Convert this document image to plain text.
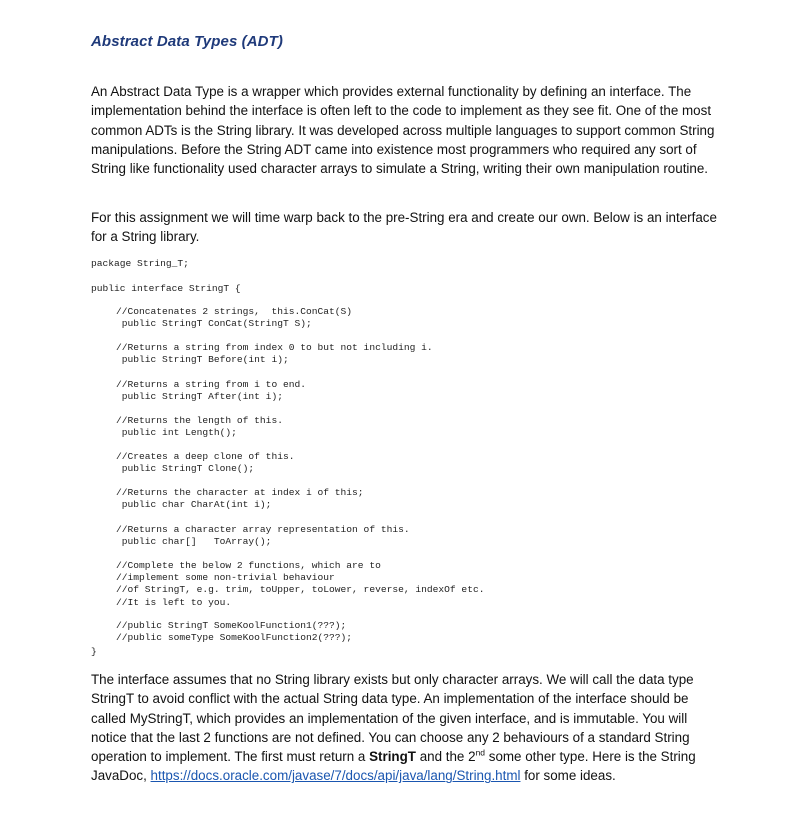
Abstract Data Types (ADT)

An Abstract Data Type is a wrapper which provides external functionality by defining an interface. The implementation behind the interface is often left to the code to implement as they see fit. One of the most common ADTs is the String library. It was developed across multiple languages to support common String manipulations. Before the String ADT came into existence most programmers who required any sort of String like functionality used character arrays to simulate a String, writing their own manipulation routine.

For this assignment we will time warp back to the pre-String era and create our own. Below is an interface for a String library.

package String_T;
public interface StringT {
//Concatenates 2 strings,  this.ConCat(S)
public StringT ConCat(StringT S);
//Returns a string from index 0 to but not including i.
public StringT Before(int i);
//Returns a string from i to end.
public StringT After(int i);
//Returns the length of this.
public int Length();
//Creates a deep clone of this.
public StringT Clone();
//Returns the character at index i of this;
public char CharAt(int i);
//Returns a character array representation of this.
public char[]   ToArray();
//Complete the below 2 functions, which are to
//implement some non-trivial behaviour
//of StringT, e.g. trim, toUpper, toLower, reverse, indexOf etc.
//It is left to you.
//public StringT SomeKoolFunction1(???);
//public someType SomeKoolFunction2(???);
}

The interface assumes that no String library exists but only character arrays. We will call the data type StringT to avoid conflict with the actual String data type. An implementation of the interface should be called MyStringT, which provides an implementation of the given interface, and is immutable. You will notice that the last 2 functions are not defined. You can choose any 2 behaviours of a standard String operation to implement. The first must return a StringT and the 2nd some other type. Here is the String JavaDoc, https://docs.oracle.com/javase/7/docs/api/java/lang/String.html for some ideas.
